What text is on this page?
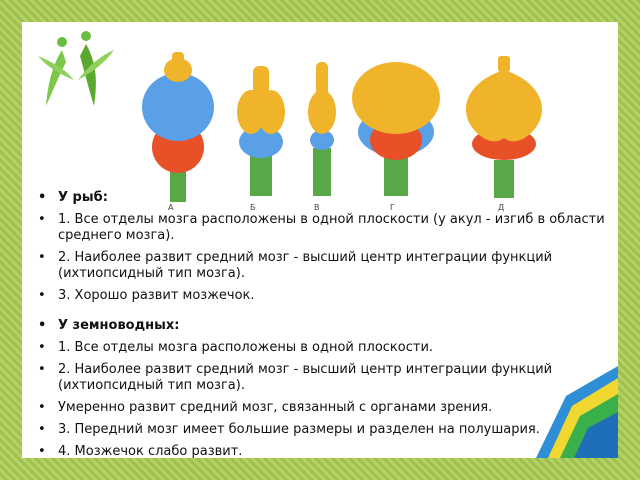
А	Б	В	Г	Д
• У рыб:
• 1. Все отделы мозга расположены в одной плоскости (у акул - изгиб в области среднего мозга).
• 2. Наиболее развит средний мозг - высший центр интеграции функций (ихтиопсидный тип мозга).
• 3. Хорошо развит мозжечок.
• У земноводных:
• 1. Все отделы мозга расположены в одной плоскости.
• 2. Наиболее развит средний мозг - высший центр интеграции функций (ихтиопсидный тип мозга).
• Умеренно развит средний мозг, связанный с органами зрения.
• 3. Передний мозг имеет большие размеры и разделен на полушария.
• 4. Мозжечок слабо развит.
